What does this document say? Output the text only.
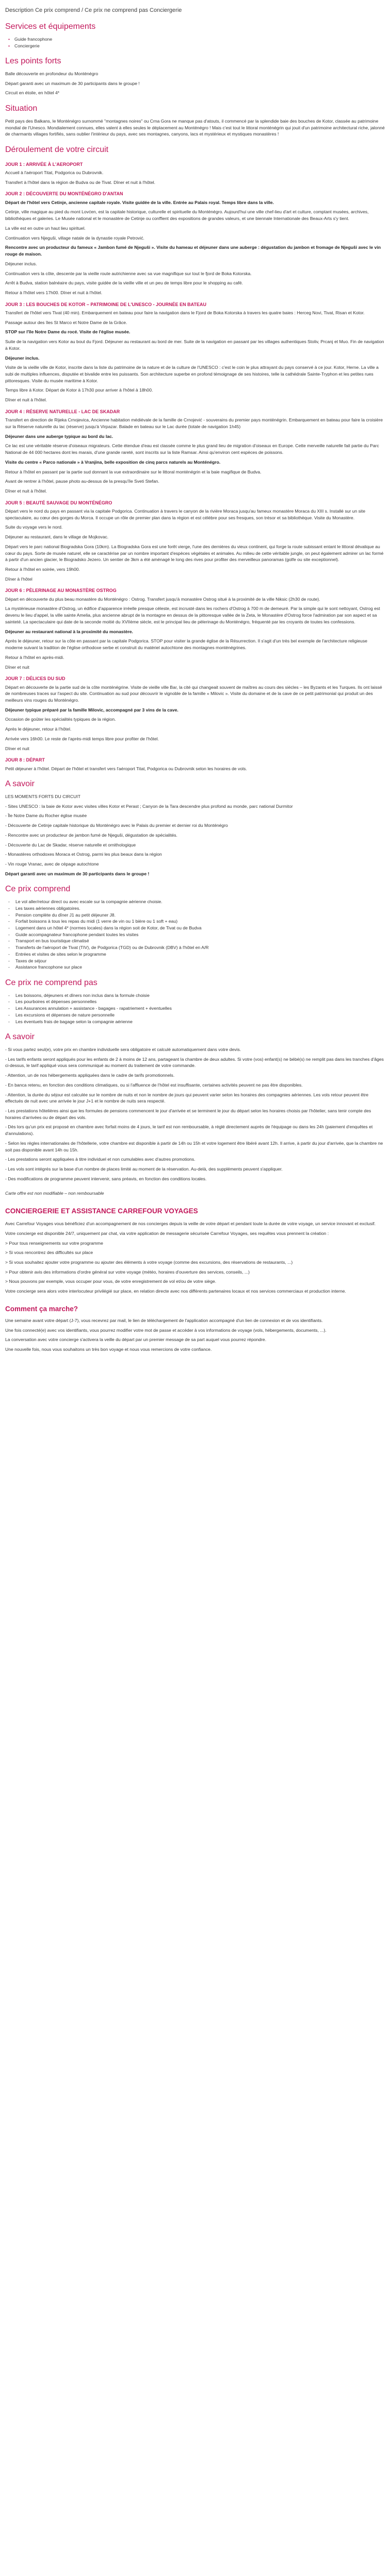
Description Ce prix comprend / Ce prix ne comprend pas Conciergerie
Services et équipements
• Guide francophone
• Conciergerie
Les points forts

Balle découverte en profondeur du Monténégro

Départ garanti avec un maximum de 30 participants dans le groupe !

Circuit en étoile, en hôtel 4*

Situation

Petit pays des Balkans, le Monténégro surnommé "montagnes noires" ou Crna Gora ne manque pas d'atouts, il commencé par la splendide baie des bouches de Kotor, classée au patrimoine mondial de l'Unesco. Mondialement connues, elles valent à elles seules le déplacement au Monténégro ! Mais c'est tout le littoral monténégrin qui jouit d'un patrimoine architectural riche, jalonné de charmants villages fortifiés, sans oublier l'intérieur du pays, avec ses montagnes, canyons, lacs et mystérieux et mystiques monastères !

Déroulement de votre circuit
JOUR 1 : ARRIVÉE À L'AEROPORT

Accueil à l'aéroport Titat, Podgorica ou Dubrovnik.

Transfert à l'hôtel dans la région de Budva ou de Tivat. Dîner et nuit à l'hôtel.

JOUR 2 : DÉCOUVERTE DU MONTÉNÉGRO D'ANTAN

Départ de l'hôtel vers Cetinje, ancienne capitale royale. Visite guidée de la ville. Entrée au Palais royal. Temps libre dans la ville.

Cetinje, ville magique au pied du mont Lovćen, est la capitale historique, culturelle et spirituelle du Monténégro. Aujourd'hui une ville chef-lieu d'art et culture, comptant musées, archives, bibliothèques et galeries. Le Musée national et le monastère de Cetinje ou conffient des expositions de grandes valeurs, et une biennale Internationale des Beaux-Arts s'y tient.

La ville est en outre un haut lieu spirituel.

Continuation vers Njeguši, village natale de la dynastie royale Petrović.

Rencontre avec un producteur du fameux « Jambon fumé de Njeguši ». Visite du hameau et déjeuner dans une auberge : dégustation du jambon et fromage de Njeguši avec le vin rouge de maison.

Déjeuner inclus.

Continuation vers la côte, descente par la vieille route autrichienne avec sa vue magnifique sur tout le fjord de Boka Kotorska.

Arrêt à Budva, station balnéaire du pays, visite guidée de la vieille ville et un peu de temps libre pour le shopping au café.

Retour à l'hôtel vers 17h00. Dîner et nuit à l'hôtel.

JOUR 3 : LES BOUCHES DE KOTOR – PATRIMOINE DE L'UNESCO - JOURNÉE EN BATEAU

Transfert de l'hôtel vers Tivat (40 min). Embarquement en bateau pour faire la navigation dans le Fjord de Boka Kotorska à travers les quatre baies : Herceg Novi, Tivat, Risan et Kotor.

Passage autour des îles St Marco et Notre Dame de la Grâce.

STOP sur l'île Notre Dame du rocé. Visite de l'église musée.

Suite de la navigation vers Kotor au bout du Fjord. Déjeuner au restaurant au bord de mer. Suite de la navigation en passant par les villages authentiques Stoliv, Prcanj et Muo. Fin de navigation à Kotor.

Déjeuner inclus.

Visite de la vieille ville de Kotor, inscrite dans la liste du patrimoine de la nature et de la culture de l'UNESCO : c'est le coin le plus attrayant du pays conservé à ce jour. Kotor, Herne. La ville a subi de multiples influences, disputée et bivalide entre les puissants. Son architecture superbe en profond témoignage de ses histoires, telle la cathédrale Sainte-Tryphon et les petites rues pittoresques. Visite du musée maritime à Kotor.

Temps libre à Kotor. Départ de Kotor à 17h30 pour arriver à l'hôtel à 18h00.

Dîner et nuit à l'hôtel.

JOUR 4 : RÉSERVE NATURELLE - LAC DE SKADAR

Transfert en direction de Rijeka Crnojevica, Ancienne habitation médiévale de la famille de Crnojević - souverains du premier pays monténégrin. Embarquement en bateau pour faire la croisière sur la Réserve naturelle du lac (réserve) jusqu'à Virpazar. Balade en bateau sur le Lac durée (totale de navigation 1h45)

Déjeuner dans une auberge typique au bord du lac.

Ce lac est une véritable réserve d'oiseaux migrateurs. Cette étendue d'eau est classée comme le plus grand lieu de migration d'oiseaux en Europe. Cette merveille naturelle fait partie du Parc National de 44 000 hectares dont les marais, d'une grande rareté, sont inscrits sur la liste Ramsar. Ainsi qu'environ cent espèces de poissons.

Visite du centre « Parco nationale » à Vranjina, belle exposition de cinq parcs naturels au Monténégro.

Retour à l'hôtel en passant par la partie sud donnant la vue extraordinaire sur le littoral monténégrin et la baie magifique de Budva.

Avant de rentrer à l'hôtel, pause photo au-dessus de la presqu'île Sveti Stefan.

Dîner et nuit à l'hôtel.

JOUR 5 : BEAUTÉ SAUVAGE DU MONTÉNÉGRO

Départ vers le nord du pays en passant via la capitale Podgorica. Continuation à travers le canyon de la rivière Moraca jusqu'au fameux monastère Moraca du XIII s. Installé sur un site spectaculaire, au cœur des gorges du Morca. Il occupe un rôle de premier plan dans la région et est célèbre pour ses fresques, son trésor et sa bibliothèque. Visite du Monastère.

Suite du voyage vers le nord.

Déjeuner au restaurant, dans le village de Mojkovac.

Départ vers le parc national Biogradska Gora (10km). La Biogradska Gora est une forêt vierge, l'une des dernières du vieux continent, qui forge la route subissant entant le littoral dévalique au cœur du pays. Sorte de musée naturel, elle se caractérise par un nombre important d'espèces végétales et animales. Au milieu de cette véritable jungle, on peut également admirer un lac formé à partir d'un ancien glacier, le Biogradsko Jezero. Un sentier de 3km a été aménagé le long des rives pour profiter des merveilleux panoramas (golfe ou site exceptionnel).

Retour à l'hôtel en soirée, vers 19h00.

Dîner à l'hôtel

JOUR 6 : PÈLERINAGE AU MONASTÈRE OSTROG

Départ en découverte du plus beau monastère du Monténégro : Ostrog. Transfert jusqu'à monastère Ostrog situé à la proximité de la ville Niksic (2h30 de route).

La mystérieuse monastère d'Ostrog, un édifice d'apparence irréelle presque céleste, est incrusté dans les rochers d'Ostrog à 700 m de demeuré. Par la simple qui le sont nettoyant, Ostrog est devenu le lieu d'appel, la ville sainte Amelia, plus ancienne abrupt de la montagne en dessus de la pittoresque vallée de la Zeta, le Monastère d'Ostrog force l'admiration par son aspect et sa sainteté. La spectaculaire qui date de la seconde moitié du XVIIème siècle, est le principal lieu de pèlerinage du Monténégro, fréquenté par les croyants de toutes les confessions.

Déjeuner au restaurant national à la proximité du monastère.

Après le déjeuner, retour sur la côte en passant par la capitale Podgorica. STOP pour visiter la grande église de la Résurrection. Il s'agit d'un très bel exemple de l'architecture religieuse moderne suivant la tradition de l'église orthodoxe serbe et construit du matériel autochtone des montagnes monténégrines.

Retour à l'hôtel en après-midi.

Dîner et nuit

JOUR 7 : DÉLICES DU SUD

Départ en découverte de la partie sud de la côte monténégrine. Visite de vieille ville Bar, la cité qui changeait souvent de maîtres au cours des siècles – les Byzants et les Turques. Ils ont laissé de nombreuses traces sur l'aspect du site. Continuation au sud pour découvrir le vignoble de la famille « Milovic ». Visite du domaine et de la cave de ce petit patrimonial qui produit un des meilleurs vins rouges du Monténégro.

Déjeuner typique préparé par la famille Milovic, accompagné par 3 vins de la cave.

Occasion de goûter les spécialités typiques de la région.

Après le déjeuner, retour à l'hôtel.

Arrivée vers 16h00. Le reste de l'après-midi temps libre pour profiter de l'hôtel.

Dîner et nuit

JOUR 8 : DÉPART

Petit déjeuner à l'hôtel. Départ de l'hôtel et transfert vers l'aéroport Titat, Podgorica ou Dubrovnik selon les horaires de vols.

A savoir

LES MOMENTS FORTS DU CIRCUIT

- Sites UNESCO : la baie de Kotor avec visites villes Kotor et Perast ; Canyon de la Tara descendre plus profond au monde, parc national Durmitor

- Île Notre Dame du Rocher église musée

- Découverte de Cetinje capitale historique du Monténégro avec le Palais du premier et dernier roi du Monténégro

- Rencontre avec un producteur de jambon fumé de Njeguši, dégustation de spécialités.

- Découverte du Lac de Skadar, réserve naturelle et ornithologique

- Monastères orthodoxes Moraca et Ostrog, parmi les plus beaux dans la région

- Vin rouge Vranac, avec de cépage autochtone

Départ garanti avec un maximum de 30 participants dans le groupe !

Ce prix comprend
- Le vol aller/retour direct ou avec escale sur la compagnie aérienne choisie.
- Les taxes aériennes obligatoires.
- Pension complète du dîner J1 au petit déjeuner J8.
- Forfait boissons à tous les repas du midi (1 verre de vin ou 1 bière ou 1 soft + eau)
- Logement dans un hôtel 4* (normes locales) dans la région soit de Kotor, de Tivat ou de Budva
- Guide accompagnateur francophone pendant toutes les visites
- Transport en bus touristique climatisé
- Transferts de l'aéroport de Tivat (TIV), de Podgorica (TGD) ou de Dubrovnik (DBV) à l'hôtel en A/R
- Entrées et visites de sites selon le programme
- Taxes de séjour
- Assistance francophone sur place
Ce prix ne comprend pas
- Les boissons, déjeuners et dîners non inclus dans la formule choisie
- Les pourboires et dépenses personnelles
- Les Assurances annulation + assistance - bagages - rapatriement + éventuelles
- Les excursions et dépenses de nature personnelle
- Les éventuels frais de bagage selon la compagnie aérienne
A savoir

- Si vous partez seul(e), votre prix en chambre individuelle sera obligatoire et calculé automatiquement dans votre devis.

- Les tarifs enfants seront appliqués pour les enfants de 2 à moins de 12 ans, partageant la chambre de deux adultes. Si votre (vos) enfant(s) ne bébé(s) ne remplit pas dans les tranches d'âges ci-dessus, le tarif appliqué vous sera communiqué au moment du traitement de votre commande.

- Attention, un de nos hébergements appliquées dans le cadre de tarifs promotionnels.

- En banca retenu, en fonction des conditions climatiques, ou si l'affluence de l'hôtel est insuffisante, certaines activités peuvent ne pas être disponibles.

- Attention, la durée du séjour est calculée sur le nombre de nuits et non le nombre de jours qui peuvent varier selon les horaires des compagnies aériennes. Les vols retour peuvent être effectués de nuit avec une arrivée le jour J+1 et le nombre de nuits sera respecté.

- Les prestations hôtelières ainsi que les formules de pensions commencent le jour d'arrivée et se terminent le jour du départ selon les horaires choisis par l'hôtelier, sans tenir compte des horaires d'arrivées ou de départ des vols.

- Dès lors qu'un prix est proposé en chambre avec forfait moins de 4 jours, le tarif est non remboursable, à réglé directement auprès de l'équipage ou dans les 24h (paiement d'enquêtes et d'annulations).

- Selon les règles internationales de l'hôtellerie, votre chambre est disponible à partir de 14h ou 15h et votre logement être libéré avant 12h. Il arrive, à partir du jour d'arrivée, que la chambre ne soit pas disponible avant 14h ou 15h.

- Les prestations seront appliquées à titre individuel et non cumulables avec d'autres promotions.

- Les vols sont intégrés sur la base d'un nombre de places limité au moment de la réservation. Au-delà, des suppléments peuvent s'appliquer.

- Des modifications de programme peuvent intervenir, sans préavis, en fonction des conditions locales.

Carte offre est non modifiable – non remboursable

CONCIERGERIE ET ASSISTANCE CARREFOUR VOYAGES

Avec Carrefour Voyages vous bénéficiez d'un accompagnement de nos concierges depuis la veille de votre départ et pendant toute la durée de votre voyage, un service innovant et exclusif.

Votre concierge est disponible 24/7, uniquement par chat, via votre application de messagerie sécurisée Carrefour Voyages, ses requêtes vous prennent la création :

> Pour tous renseignements sur votre programme

> Si vous rencontrez des difficultés sur place

> Si vous souhaitez ajouter votre programme ou ajouter des éléments à votre voyage (comme des excursions, des réservations de restaurants, ...)

> Pour obtenir avis des informations d'ordre général sur votre voyage (météo, horaires d'ouverture des services, conseils, ...)

> Nous pouvons par exemple, vous occuper pour vous, de votre enregistrement de vol et/ou de votre siège.

Votre concierge sera alors votre interlocuteur privilégié sur place, en relation directe avec nos différents partenaires locaux et nos services commerciaux et production interne.

Comment ça marche?

Une semaine avant votre départ (J-7), vous recevrez par mail, le lien de téléchargement de l'application accompagné d'un lien de connexion et de vos identifiants.

Une fois connecté(e) avec vos identifiants, vous pourrez modifier votre mot de passe et accéder à vos informations de voyage (vols, hébergements, documents, ...).

La conversation avec votre concierge s'activera la veille du départ par un premier message de sa part auquel vous pourrez répondre.

Une nouvelle fois, nous vous souhaitons un très bon voyage et nous vous remercions de votre confiance.
